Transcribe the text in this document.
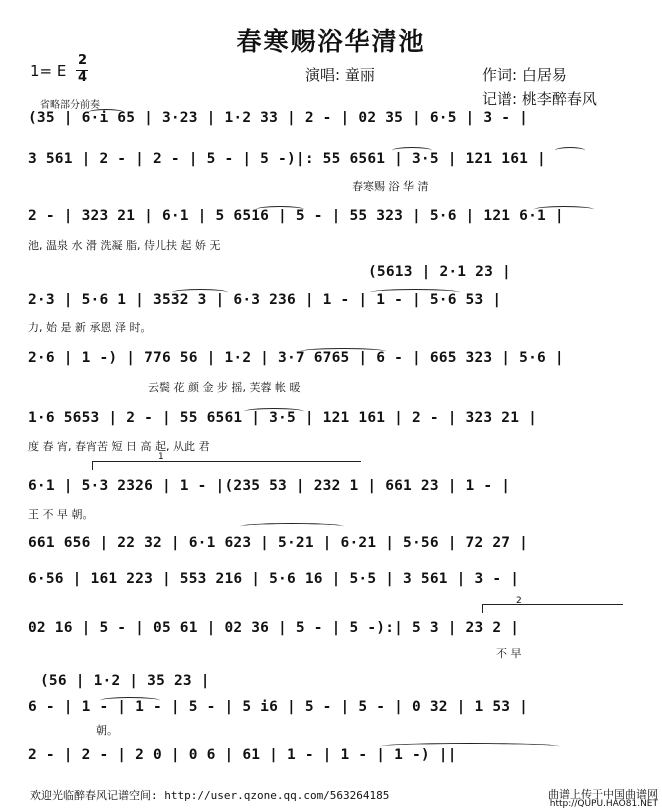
春寒赐浴华清池
1= E
2
4	演唱: 童丽	作词: 白居易
记谱: 桃李醉春风
省略部分前奏
(35 | 6·i 65 | 3·23 | 1·2 33 | 2 - | 02 35 | 6·5 | 3 - |
3 561 | 2 - | 2 - | 5 - | 5 -)|: 55 6561 | 3·5 | 121 161 |
春寒赐 浴 华 清
2 - | 323 21 | 6·1 | 5 6516 | 5 - | 55 323 | 5·6 | 121 6·1 |
池, 温泉 水 滑 洗凝 脂, 侍儿扶 起 娇 无
(5613 | 2·1 23 |
2·3 | 5·6 1 | 3532 3 | 6·3 236 | 1 - | 1 - | 5·6 53 |
力, 始 是 新 承恩 泽 时。
2·6 | 1 -) | 776 56 | 1·2 | 3·7 6765 | 6 - | 665 323 | 5·6 |
云鬓 花 颜 金 步 摇, 芙蓉 帐 暖
1·6 5653 | 2 - | 55 6561 | 3·5 | 121 161 | 2 - | 323 21 |
度 春 宵, 春宵苦 短 日 高 起, 从此 君
1
6·1 | 5·3 2326 | 1 - |(235 53 | 232 1 | 661 23 | 1 - |
王 不 早 朝。
661 656 | 22 32 | 6·1 623 | 5·21 | 6·21 | 5·56 | 72 27 |
6·56 | 161 223 | 553 216 | 5·6 16 | 5·5 | 3 561 | 3 - |
2
02 16 | 5 - | 05 61 | 02 36 | 5 - | 5 -):| 5 3 | 23 2 |
不 早
(56 | 1·2 | 35 23 |
6 - | 1 - | 1 - | 5 - | 5 i6 | 5 - | 5 - | 0 32 | 1 53 |
朝。
2 - | 2 - | 2 0 | 0 6 | 61 | 1 - | 1 - | 1 -) ||
欢迎光临醉春风记谱空间: http://user.qzone.qq.com/563264185	曲谱上传于中国曲谱网
http://QUPU.HAO81.NET
